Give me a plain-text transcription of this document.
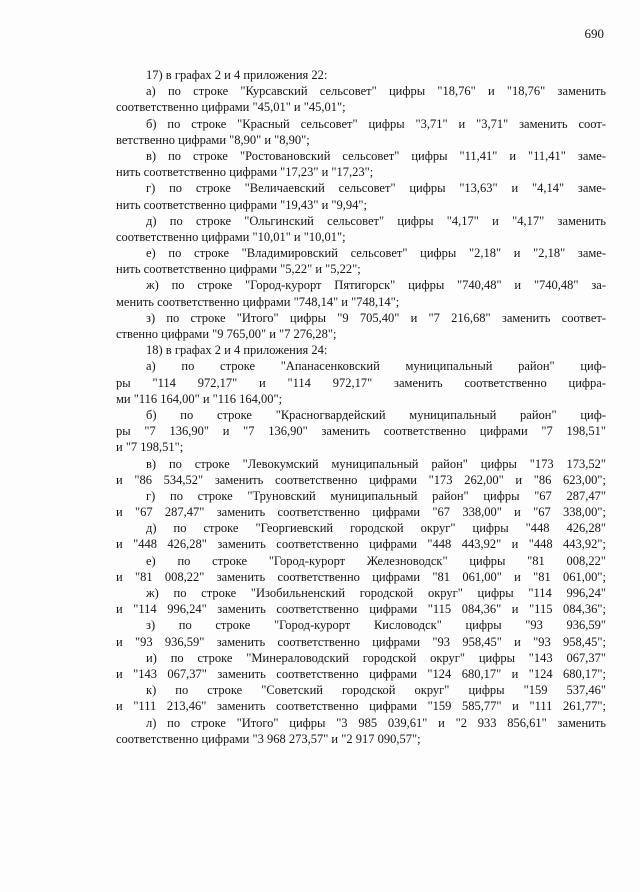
690
17) в графах 2 и 4 приложения 22:
а) по строке "Курсавский сельсовет" цифры "18,76" и "18,76" заменить
соответственно цифрами "45,01" и "45,01";
б) по строке "Красный сельсовет" цифры "3,71" и "3,71" заменить соот-
ветственно цифрами "8,90" и "8,90";
в) по строке "Ростовановский сельсовет" цифры "11,41" и "11,41" заме-
нить соответственно цифрами "17,23" и "17,23";
г) по строке "Величаевский сельсовет" цифры "13,63" и "4,14" заме-
нить соответственно цифрами "19,43" и "9,94";
д) по строке "Ольгинский сельсовет" цифры "4,17" и "4,17" заменить
соответственно цифрами "10,01" и "10,01";
е) по строке "Владимировский сельсовет" цифры "2,18" и "2,18" заме-
нить соответственно цифрами "5,22" и "5,22";
ж) по строке "Город-курорт Пятигорск" цифры "740,48" и "740,48" за-
менить соответственно цифрами "748,14" и "748,14";
з) по строке "Итого" цифры "9 705,40" и "7 216,68" заменить соответ-
ственно цифрами "9 765,00" и "7 276,28";
18) в графах 2 и 4 приложения 24:
а) по строке "Апанасенковский муниципальный район" циф-
ры "114 972,17" и "114 972,17" заменить соответственно цифра-
ми "116 164,00" и "116 164,00";
б) по строке "Красногвардейский муниципальный район" циф-
ры "7 136,90" и "7 136,90" заменить соответственно цифрами "7 198,51"
и "7 198,51";
в) по строке "Левокумский муниципальный район" цифры "173 173,52"
и "86 534,52" заменить соответственно цифрами "173 262,00" и "86 623,00";
г) по строке "Труновский муниципальный район" цифры "67 287,47"
и "67 287,47" заменить соответственно цифрами "67 338,00" и "67 338,00";
д) по строке "Георгиевский городской округ" цифры "448 426,28"
и "448 426,28" заменить соответственно цифрами "448 443,92" и "448 443,92";
е) по строке "Город-курорт Железноводск" цифры "81 008,22"
и "81 008,22" заменить соответственно цифрами "81 061,00" и "81 061,00";
ж) по строке "Изобильненский городской округ" цифры "114 996,24"
и "114 996,24" заменить соответственно цифрами "115 084,36" и "115 084,36";
з) по строке "Город-курорт Кисловодск" цифры "93 936,59"
и "93 936,59" заменить соответственно цифрами "93 958,45" и "93 958,45";
и) по строке "Минераловодский городской округ" цифры "143 067,37"
и "143 067,37" заменить соответственно цифрами "124 680,17" и "124 680,17";
к) по строке "Советский городской округ" цифры "159 537,46"
и "111 213,46" заменить соответственно цифрами "159 585,77" и "111 261,77";
л) по строке "Итого" цифры "3 985 039,61" и "2 933 856,61" заменить
соответственно цифрами "3 968 273,57" и "2 917 090,57";
